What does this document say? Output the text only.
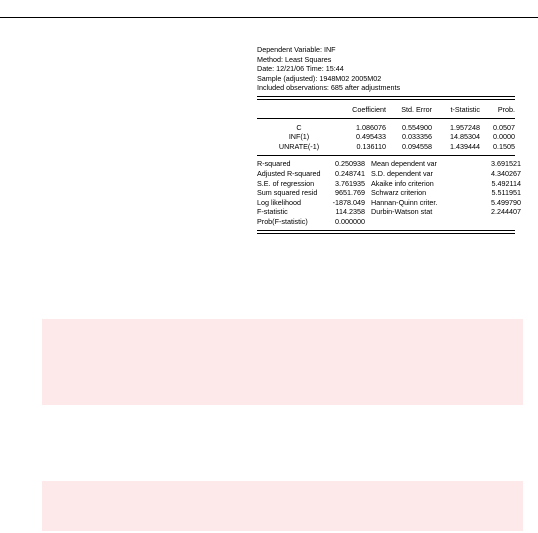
Dependent Variable: INF
Method: Least Squares
Date: 12/21/06 Time: 15:44
Sample (adjusted): 1948M02 2005M02
Included observations: 685 after adjustments
	Coefficient	Std. Error	t-Statistic	Prob.
C	1.086076	0.554900	1.957248	0.0507
INF(1)	0.495433	0.033356	14.85304	0.0000
UNRATE(-1)	0.136110	0.094558	1.439444	0.1505
R-squared	0.250938	Mean dependent var	3.691521
Adjusted R-squared	0.248741	S.D. dependent var	4.340267
S.E. of regression	3.761935	Akaike info criterion	5.492114
Sum squared resid	9651.769	Schwarz criterion	5.511951
Log likelihood	-1878.049	Hannan-Quinn criter.	5.499790
F-statistic	114.2358	Durbin-Watson stat	2.244407
Prob(F-statistic)	0.000000		
